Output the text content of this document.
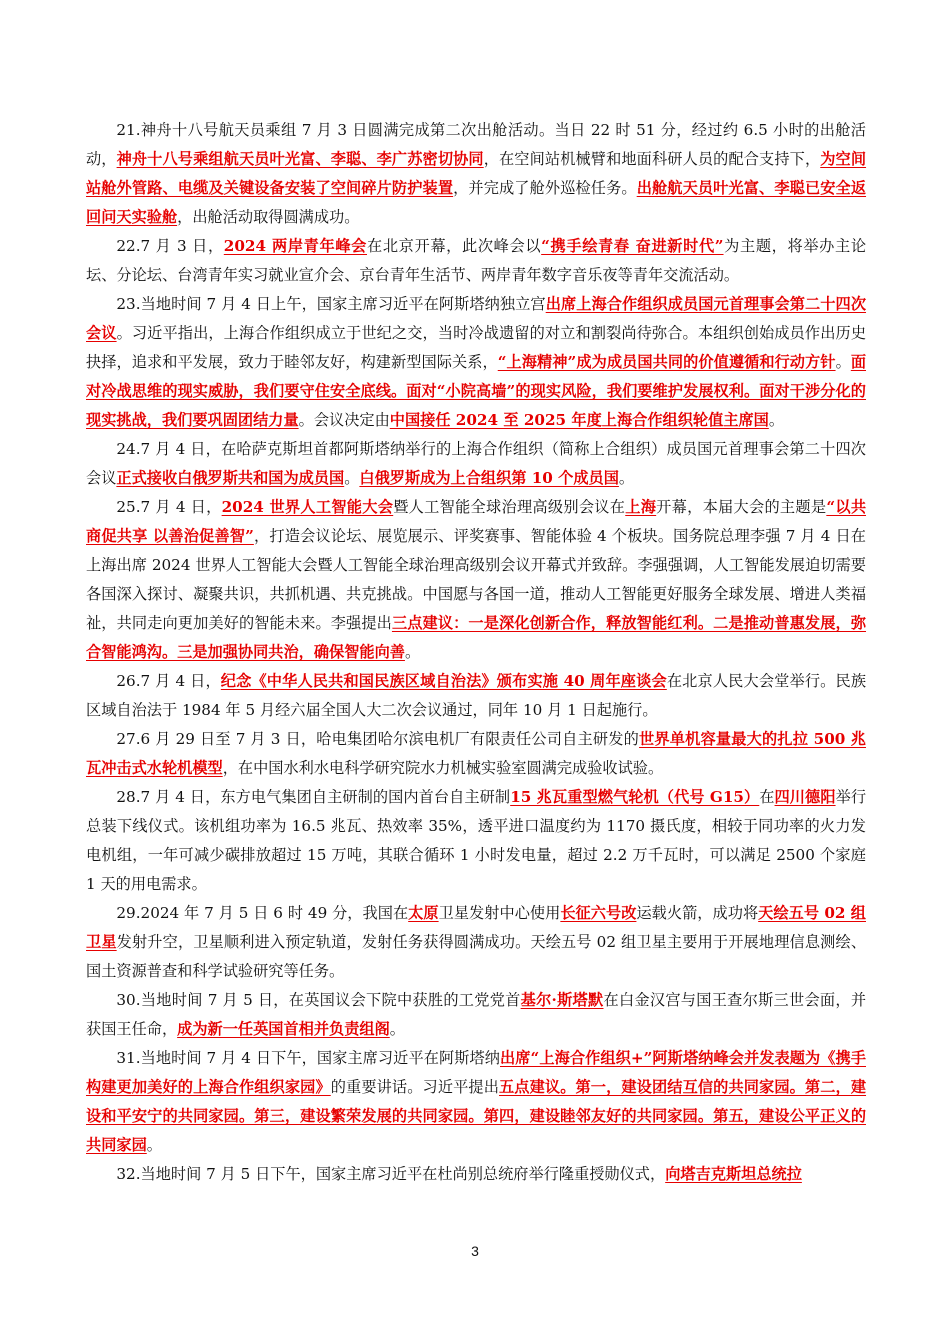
21.神舟十八号航天员乘组 7 月 3 日圆满完成第二次出舱活动。当日 22 时 51 分，经过约 6.5 小时的出舱活动，神舟十八号乘组航天员叶光富、李聪、李广苏密切协同，在空间站机械臂和地面科研人员的配合支持下，为空间站舱外管路、电缆及关键设备安装了空间碎片防护装置，并完成了舱外巡检任务。出舱航天员叶光富、李聪已安全返回问天实验舱，出舱活动取得圆满成功。

22.7 月 3 日，2024 两岸青年峰会在北京开幕，此次峰会以“携手绘青春 奋进新时代”为主题，将举办主论坛、分论坛、台湾青年实习就业宣介会、京台青年生活节、两岸青年数字音乐夜等青年交流活动。

23.当地时间 7 月 4 日上午，国家主席习近平在阿斯塔纳独立宫出席上海合作组织成员国元首理事会第二十四次会议。习近平指出，上海合作组织成立于世纪之交，当时冷战遗留的对立和割裂尚待弥合。本组织创始成员作出历史抉择，追求和平发展，致力于睦邻友好，构建新型国际关系，“上海精神”成为成员国共同的价值遵循和行动方针。面对冷战思维的现实威胁，我们要守住安全底线。面对“小院高墙”的现实风险，我们要维护发展权利。面对干涉分化的现实挑战，我们要巩固团结力量。会议决定由中国接任 2024 至 2025 年度上海合作组织轮值主席国。

24.7 月 4 日，在哈萨克斯坦首都阿斯塔纳举行的上海合作组织（简称上合组织）成员国元首理事会第二十四次会议正式接收白俄罗斯共和国为成员国。白俄罗斯成为上合组织第 10 个成员国。

25.7 月 4 日，2024 世界人工智能大会暨人工智能全球治理高级别会议在上海开幕，本届大会的主题是“以共商促共享 以善治促善智”，打造会议论坛、展览展示、评奖赛事、智能体验 4 个板块。国务院总理李强 7 月 4 日在上海出席 2024 世界人工智能大会暨人工智能全球治理高级别会议开幕式并致辞。李强强调，人工智能发展迫切需要各国深入探讨、凝聚共识，共抓机遇、共克挑战。中国愿与各国一道，推动人工智能更好服务全球发展、增进人类福祉，共同走向更加美好的智能未来。李强提出三点建议：一是深化创新合作，释放智能红利。二是推动普惠发展，弥合智能鸿沟。三是加强协同共治，确保智能向善。

26.7 月 4 日，纪念《中华人民共和国民族区域自治法》颁布实施 40 周年座谈会在北京人民大会堂举行。民族区域自治法于 1984 年 5 月经六届全国人大二次会议通过，同年 10 月 1 日起施行。

27.6 月 29 日至 7 月 3 日，哈电集团哈尔滨电机厂有限责任公司自主研发的世界单机容量最大的扎拉 500 兆瓦冲击式水轮机模型，在中国水利水电科学研究院水力机械实验室圆满完成验收试验。

28.7 月 4 日，东方电气集团自主研制的国内首台自主研制15 兆瓦重型燃气轮机（代号 G15）在四川德阳举行总装下线仪式。该机组功率为 16.5 兆瓦、热效率 35%，透平进口温度约为 1170 摄氏度，相较于同功率的火力发电机组，一年可减少碳排放超过 15 万吨，其联合循环 1 小时发电量，超过 2.2 万千瓦时，可以满足 2500 个家庭 1 天的用电需求。

29.2024 年 7 月 5 日 6 时 49 分，我国在太原卫星发射中心使用长征六号改运载火箭，成功将天绘五号 02 组卫星发射升空，卫星顺利进入预定轨道，发射任务获得圆满成功。天绘五号 02 组卫星主要用于开展地理信息测绘、国土资源普查和科学试验研究等任务。

30.当地时间 7 月 5 日，在英国议会下院中获胜的工党党首基尔·斯塔默在白金汉宫与国王查尔斯三世会面，并获国王任命，成为新一任英国首相并负责组阁。

31.当地时间 7 月 4 日下午，国家主席习近平在阿斯塔纳出席“上海合作组织+”阿斯塔纳峰会并发表题为《携手构建更加美好的上海合作组织家园》的重要讲话。习近平提出五点建议。第一，建设团结互信的共同家园。第二，建设和平安宁的共同家园。第三，建设繁荣发展的共同家园。第四，建设睦邻友好的共同家园。第五，建设公平正义的共同家园。

32.当地时间 7 月 5 日下午，国家主席习近平在杜尚别总统府举行隆重授勋仪式，向塔吉克斯坦总统拉

3
